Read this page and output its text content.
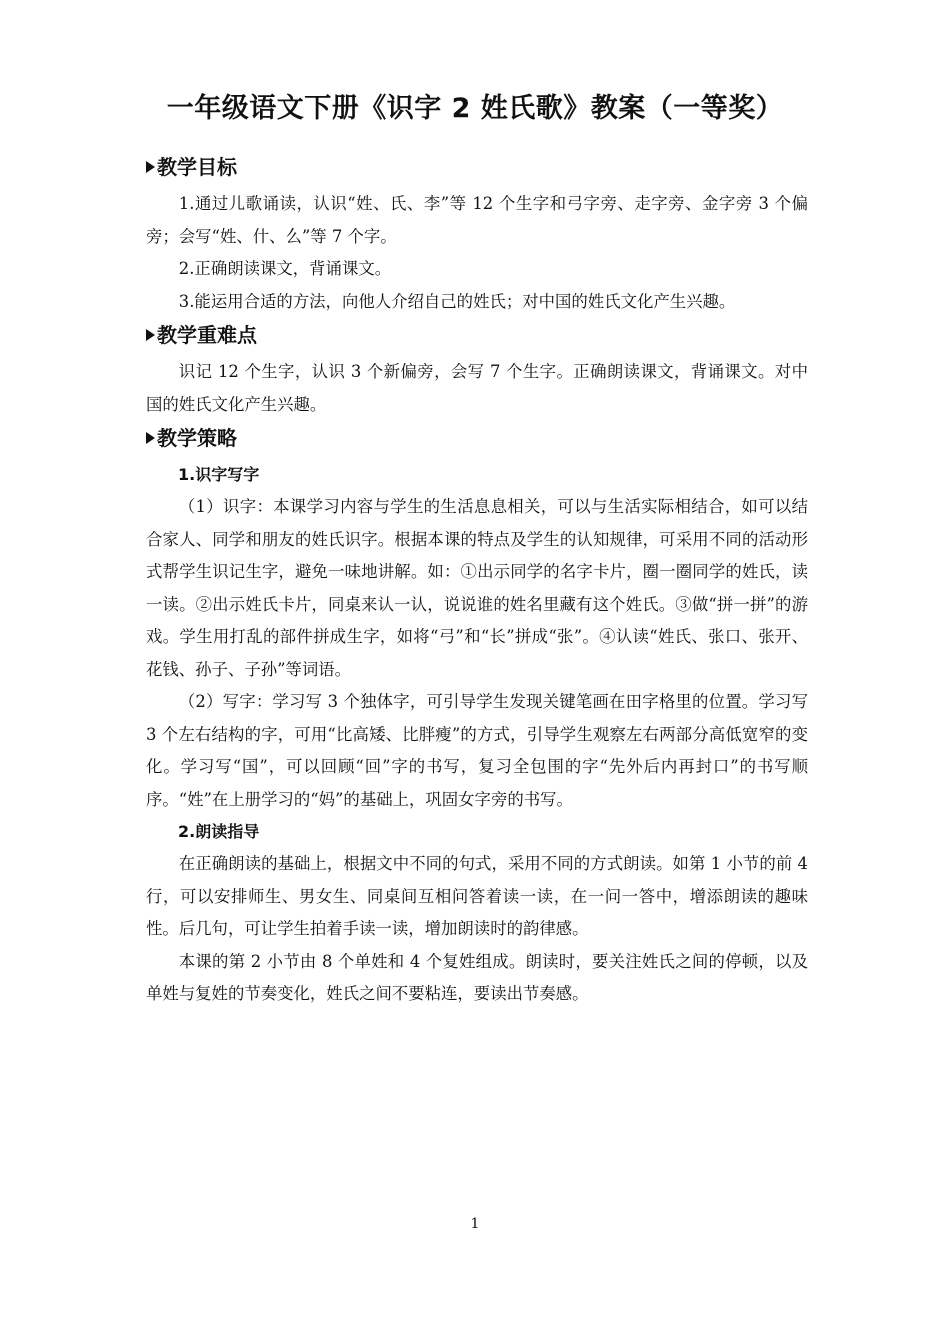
一年级语文下册《识字 2 姓氏歌》教案（一等奖）
教学目标

1.通过儿歌诵读，认识“姓、氏、李”等 12 个生字和弓字旁、走字旁、金字旁 3 个偏旁；会写“姓、什、么”等 7 个字。

2.正确朗读课文，背诵课文。

3.能运用合适的方法，向他人介绍自己的姓氏；对中国的姓氏文化产生兴趣。

教学重难点

识记 12 个生字，认识 3 个新偏旁，会写 7 个生字。正确朗读课文，背诵课文。对中国的姓氏文化产生兴趣。

教学策略

1.识字写字

（1）识字：本课学习内容与学生的生活息息相关，可以与生活实际相结合，如可以结合家人、同学和朋友的姓氏识字。根据本课的特点及学生的认知规律，可采用不同的活动形式帮学生识记生字，避免一味地讲解。如：①出示同学的名字卡片，圈一圈同学的姓氏，读一读。②出示姓氏卡片，同桌来认一认，说说谁的姓名里藏有这个姓氏。③做“拼一拼”的游戏。学生用打乱的部件拼成生字，如将“弓”和“长”拼成“张”。④认读“姓氏、张口、张开、花钱、孙子、子孙”等词语。

（2）写字：学习写 3 个独体字，可引导学生发现关键笔画在田字格里的位置。学习写 3 个左右结构的字，可用“比高矮、比胖瘦”的方式，引导学生观察左右两部分高低宽窄的变化。学习写“国”，可以回顾“回”字的书写，复习全包围的字“先外后内再封口”的书写顺序。“姓”在上册学习的“妈”的基础上，巩固女字旁的书写。

2.朗读指导

在正确朗读的基础上，根据文中不同的句式，采用不同的方式朗读。如第 1 小节的前 4 行，可以安排师生、男女生、同桌间互相问答着读一读，在一问一答中，增添朗读的趣味性。后几句，可让学生拍着手读一读，增加朗读时的韵律感。

本课的第 2 小节由 8 个单姓和 4 个复姓组成。朗读时，要关注姓氏之间的停顿，以及单姓与复姓的节奏变化，姓氏之间不要粘连，要读出节奏感。

1
